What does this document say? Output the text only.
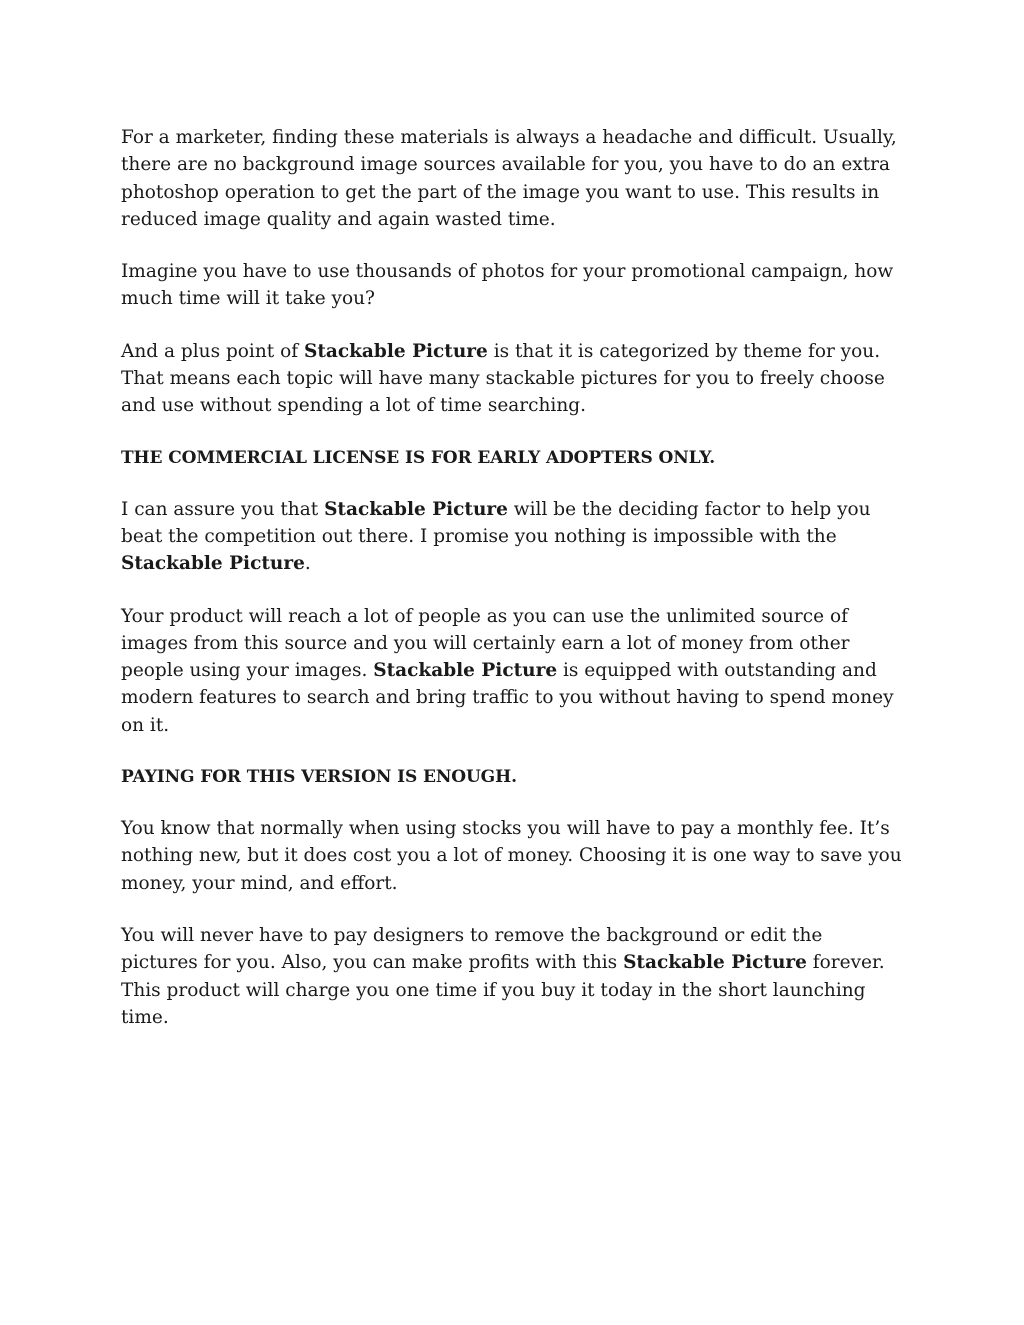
For a marketer, finding these materials is always a headache and difficult. Usually, there are no background image sources available for you, you have to do an extra photoshop operation to get the part of the image you want to use. This results in reduced image quality and again wasted time.

Imagine you have to use thousands of photos for your promotional campaign, how much time will it take you?

And a plus point of Stackable Picture is that it is categorized by theme for you. That means each topic will have many stackable pictures for you to freely choose and use without spending a lot of time searching.

THE COMMERCIAL LICENSE IS FOR EARLY ADOPTERS ONLY.

I can assure you that Stackable Picture will be the deciding factor to help you beat the competition out there. I promise you nothing is impossible with the Stackable Picture.

Your product will reach a lot of people as you can use the unlimited source of images from this source and you will certainly earn a lot of money from other people using your images. Stackable Picture is equipped with outstanding and modern features to search and bring traffic to you without having to spend money on it.

PAYING FOR THIS VERSION IS ENOUGH.

You know that normally when using stocks you will have to pay a monthly fee. It’s nothing new, but it does cost you a lot of money. Choosing it is one way to save you money, your mind, and effort.

You will never have to pay designers to remove the background or edit the pictures for you. Also, you can make profits with this Stackable Picture forever. This product will charge you one time if you buy it today in the short launching time.
